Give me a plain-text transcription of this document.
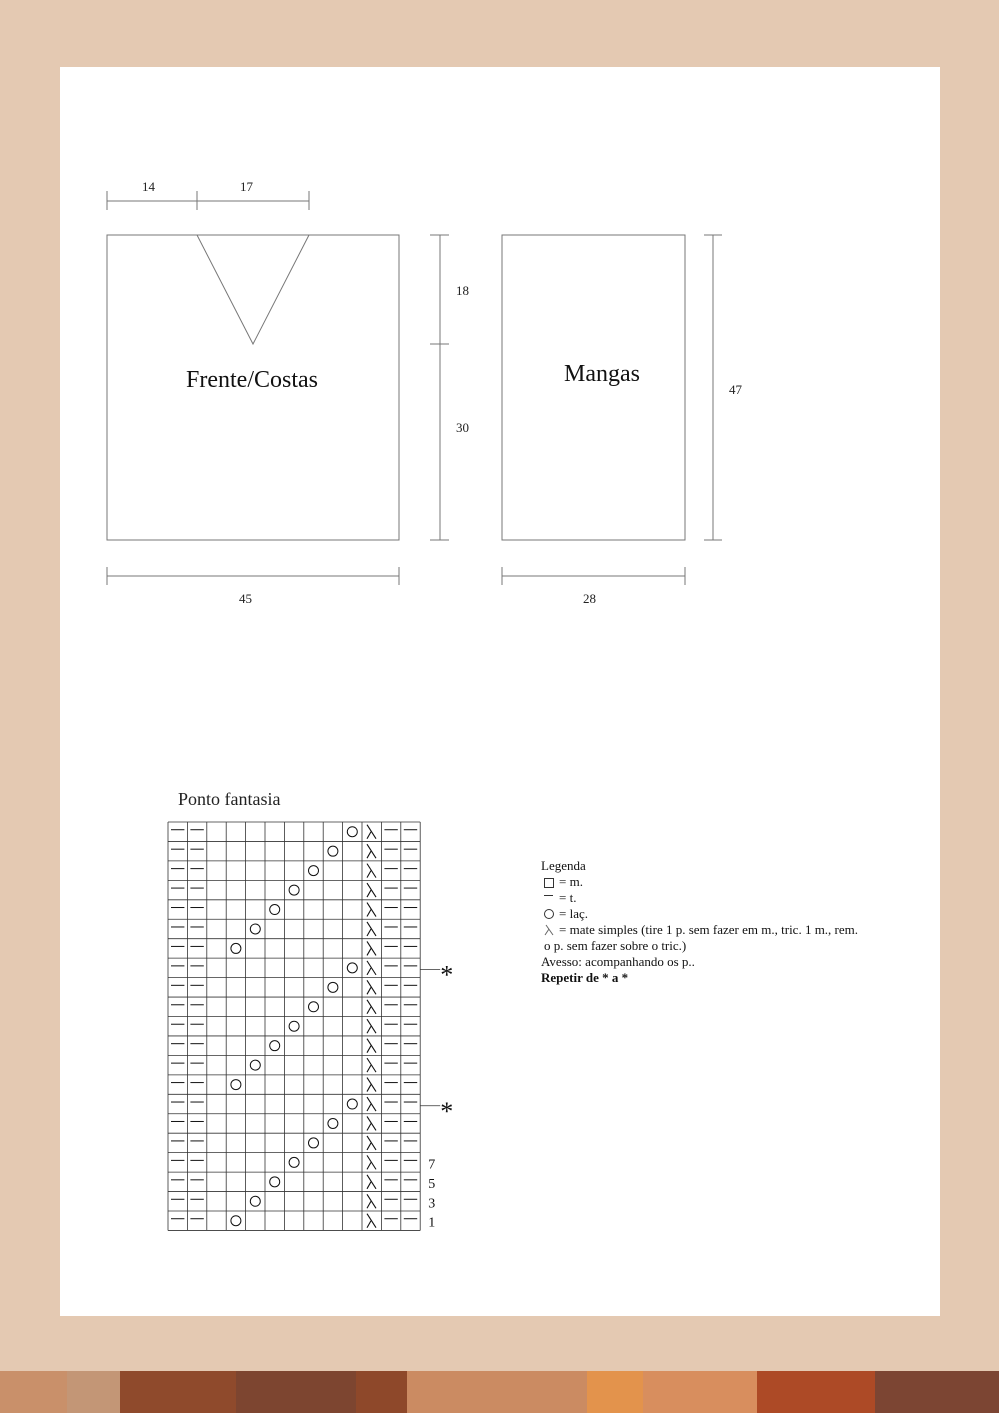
Frente/Costas
14	17
45
18
30
Mangas
28
47
Ponto fantasia
7
5
3
1
*
*
Legenda
= m.
= t.
= laç.
= mate simples (tire 1 p. sem fazer em m., tric. 1 m., rem.
o p. sem fazer sobre o tric.)
Avesso: acompanhando os p..
Repetir de * a *
